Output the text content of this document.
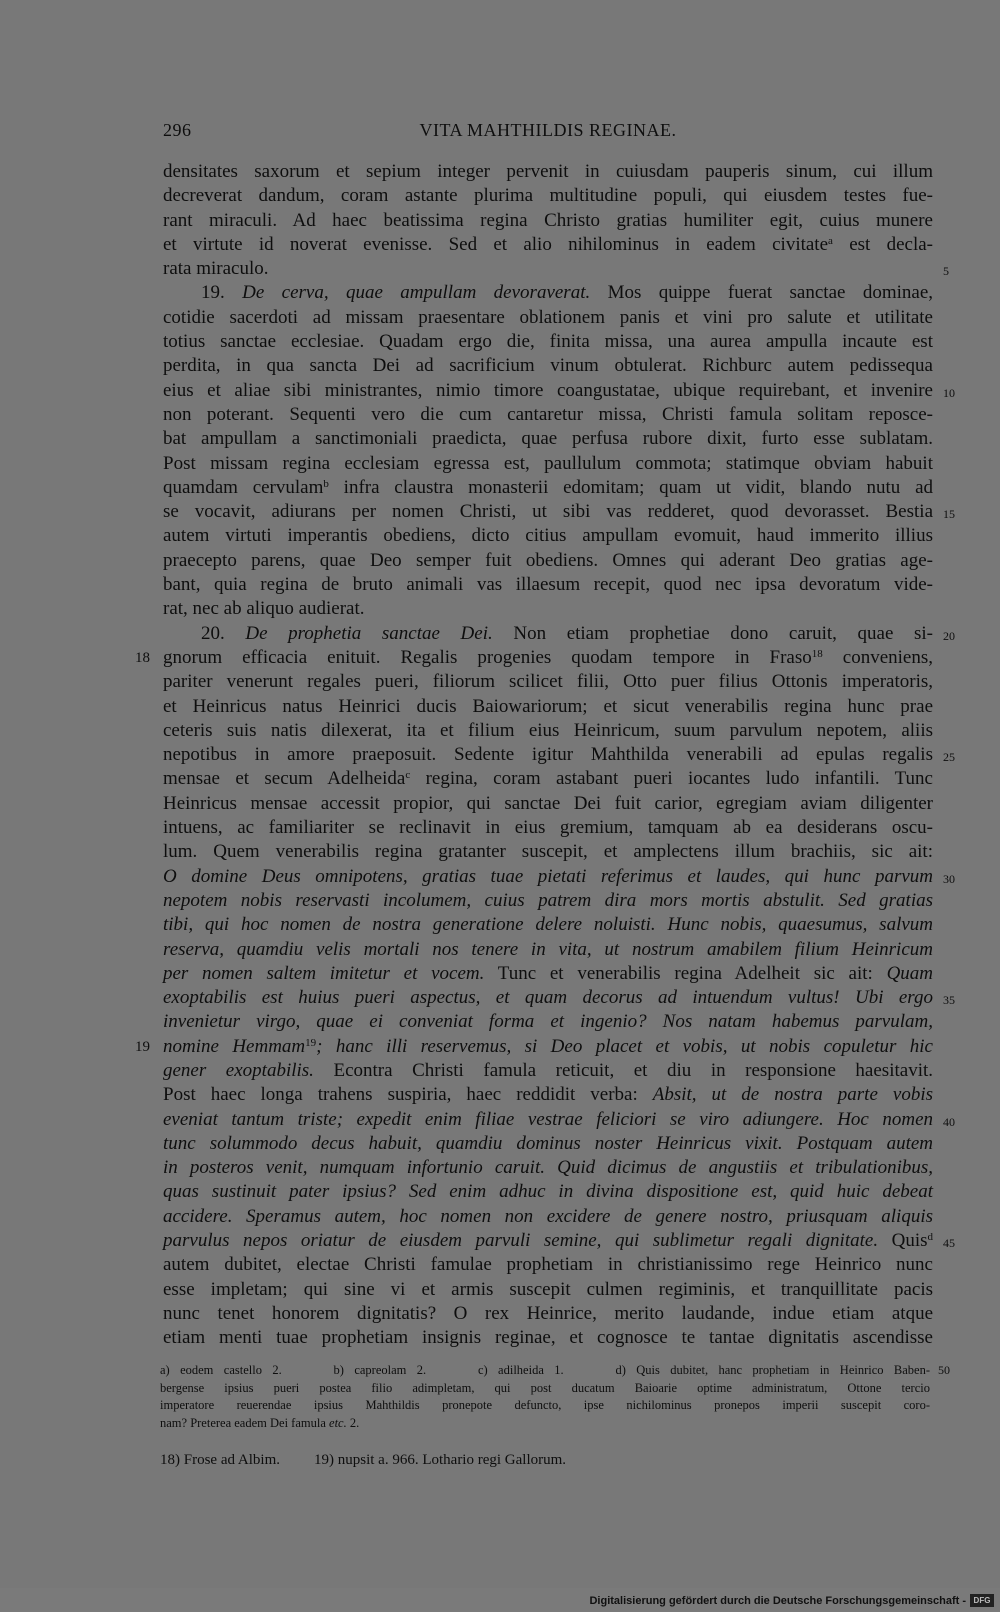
296	VITA MAHTHILDIS REGINAE.
densitates saxorum et sepium integer pervenit in cuiusdam pauperis sinum, cui illum
decreverat dandum, coram astante plurima multitudine populi, qui eiusdem testes fue-
rant miraculi. Ad haec beatissima regina Christo gratias humiliter egit, cuius munere
et virtute id noverat evenisse. Sed et alio nihilominus in eadem civitate$^a$ est decla-
rata miraculo.	5
19. De cerva, quae ampullam devoraverat. Mos quippe fuerat sanctae dominae,
cotidie sacerdoti ad missam praesentare oblationem panis et vini pro salute et utilitate
totius sanctae ecclesiae. Quadam ergo die, finita missa, una aurea ampulla incaute est
perdita, in qua sancta Dei ad sacrificium vinum obtulerat. Richburc autem pedissequa
eius et aliae sibi ministrantes, nimio timore coangustatae, ubique requirebant, et invenire 10
non poterant. Sequenti vero die cum cantaretur missa, Christi famula solitam reposce-
bat ampullam a sanctimoniali praedicta, quae perfusa rubore dixit, furto esse sublatam.
Post missam regina ecclesiam egressa est, paullulum commota; statimque obviam habuit
quamdam cervulam$^b$ infra claustra monasterii edomitam; quam ut vidit, blando nutu ad
se vocavit, adiurans per nomen Christi, ut sibi vas redderet, quod devorasset. Bestia 15
autem virtuti imperantis obediens, dicto citius ampullam evomuit, haud immerito illius
praecepto parens, quae Deo semper fuit obediens. Omnes qui aderant Deo gratias age-
bant, quia regina de bruto animali vas illaesum recepit, quod nec ipsa devoratum vide-
rat, nec ab aliquo audierat.
20. De prophetia sanctae Dei. Non etiam prophetiae dono caruit, quae si- 20
gnorum efficacia enituit. Regalis progenies quodam tempore in Fraso$^{18}$ conveniens,
18
pariter venerunt regales pueri, filiorum scilicet filii, Otto puer filius Ottonis imperatoris,
et Heinricus natus Heinrici ducis Baiowariorum; et sicut venerabilis regina hunc prae
ceteris suis natis dilexerat, ita et filium eius Heinricum, suum parvulum nepotem, aliis
nepotibus in amore praeposuit. Sedente igitur Mahthilda venerabili ad epulas regalis 25
mensae et secum Adelheida$^c$ regina, coram astabant pueri iocantes ludo infantili. Tunc
Heinricus mensae accessit propior, qui sanctae Dei fuit carior, egregiam aviam diligenter
intuens, ac familiariter se reclinavit in eius gremium, tamquam ab ea desiderans oscu-
lum. Quem venerabilis regina gratanter suscepit, et amplectens illum brachiis, sic ait:
O domine Deus omnipotens, gratias tuae pietati referimus et laudes, qui hunc parvum 30
nepotem nobis reservasti incolumem, cuius patrem dira mors mortis abstulit. Sed gratias
tibi, qui hoc nomen de nostra generatione delere noluisti. Hunc nobis, quaesumus, salvum
reserva, quamdiu velis mortali nos tenere in vita, ut nostrum amabilem filium Heinricum
per nomen saltem imitetur et vocem. Tunc et venerabilis regina Adelheit sic ait: Quam
exoptabilis est huius pueri aspectus, et quam decorus ad intuendum vultus! Ubi ergo 35
invenietur virgo, quae ei conveniat forma et ingenio? Nos natam habemus parvulam,
nomine Hemmam$^{19}$; hanc illi reservemus, si Deo placet et vobis, ut nobis copuletur hic
19
gener exoptabilis. Econtra Christi famula reticuit, et diu in responsione haesitavit.
Post haec longa trahens suspiria, haec reddidit verba: Absit, ut de nostra parte vobis
eveniat tantum triste; expedit enim filiae vestrae feliciori se viro adiungere. Hoc nomen 40
tunc solummodo decus habuit, quamdiu dominus noster Heinricus vixit. Postquam autem
in posteros venit, numquam infortunio caruit. Quid dicimus de angustiis et tribulationibus,
quas sustinuit pater ipsius? Sed enim adhuc in divina dispositione est, quid huic debeat
accidere. Speramus autem, hoc nomen non excidere de genere nostro, priusquam aliquis
parvulus nepos oriatur de eiusdem parvuli semine, qui sublimetur regali dignitate. Quis$^d$ 45
autem dubitet, electae Christi famulae prophetiam in christianissimo rege Heinrico nunc
esse impletam; qui sine vi et armis suscepit culmen regiminis, et tranquillitate pacis
nunc tenet honorem dignitatis? O rex Heinrice, merito laudande, indue etiam atque
etiam menti tuae prophetiam insignis reginae, et cognosce te tantae dignitatis ascendisse
a) eodem castello 2.     b) capreolam 2.     c) adilheida 1.     d) Quis dubitet, hanc prophetiam in Heinrico Baben- 50
bergense ipsius pueri postea filio adimpletam, qui post ducatum Baioarie optime administratum, Ottone tercio
imperatore reuerendae ipsius Mahthildis pronepote defuncto, ipse nichilominus pronepos imperii suscepit coro-
nam? Preterea eadem Dei famula etc. 2.
18) Frose ad Albim. 19) nupsit a. 966. Lothario regi Gallorum.
Digitalisierung gefördert durch die Deutsche Forschungsgemeinschaft - DFG
